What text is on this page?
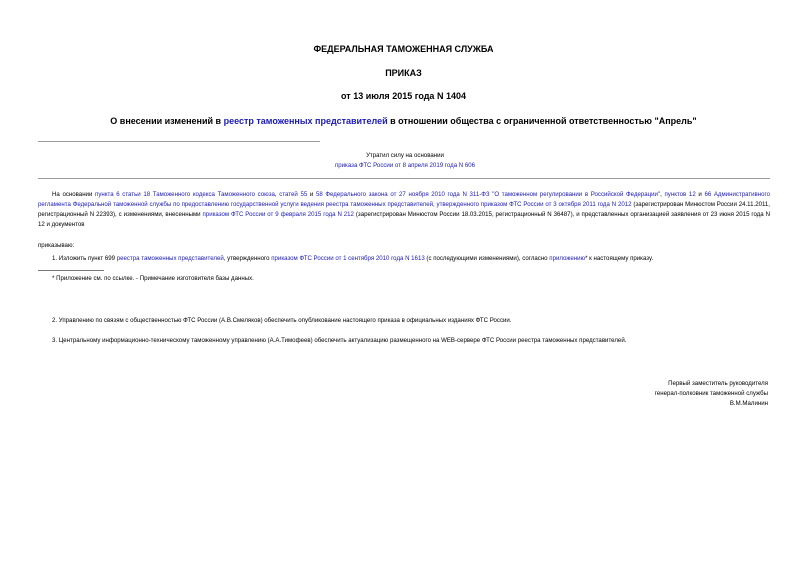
ФЕДЕРАЛЬНАЯ ТАМОЖЕННАЯ СЛУЖБА
ПРИКАЗ
от 13 июля 2015 года N 1404
О внесении изменений в реестр таможенных представителей в отношении общества с ограниченной ответственностью "Апрель"
Утратил силу на основании
приказа ФТС России от 8 апреля 2019 года N 606
На основании пункта 6 статьи 18 Таможенного кодекса Таможенного союза, статей 55 и 58 Федерального закона от 27 ноября 2010 года N 311-ФЗ "О таможенном регулировании в Российской Федерации", пунктов 12 и 66 Административного регламента Федеральной таможенной службы по предоставлению государственной услуги ведения реестра таможенных представителей, утвержденного приказом ФТС России от 3 октября 2011 года N 2012 (зарегистрирован Минюстом России 24.11.2011, регистрационный N 22393), с изменениями, внесенными приказом ФТС России от 9 февраля 2015 года N 212 (зарегистрирован Минюстом России 18.03.2015, регистрационный N 36487), и представленных организацией заявления от 23 июня 2015 года N 12 и документов
приказываю:
1. Изложить пункт 699 реестра таможенных представителей, утвержденного приказом ФТС России от 1 сентября 2010 года N 1613 (с последующими изменениями), согласно приложению* к настоящему приказу.
* Приложение см. по ссылке. - Примечание изготовителя базы данных.
2. Управлению по связям с общественностью ФТС России (А.В.Смеляков) обеспечить опубликование настоящего приказа в официальных изданиях ФТС России.
3. Центральному информационно-техническому таможенному управлению (А.А.Тимофеев) обеспечить актуализацию размещенного на WEB-сервере ФТС России реестра таможенных представителей.
Первый заместитель руководителя
генерал-полковник таможенной службы
В.М.Малинин
